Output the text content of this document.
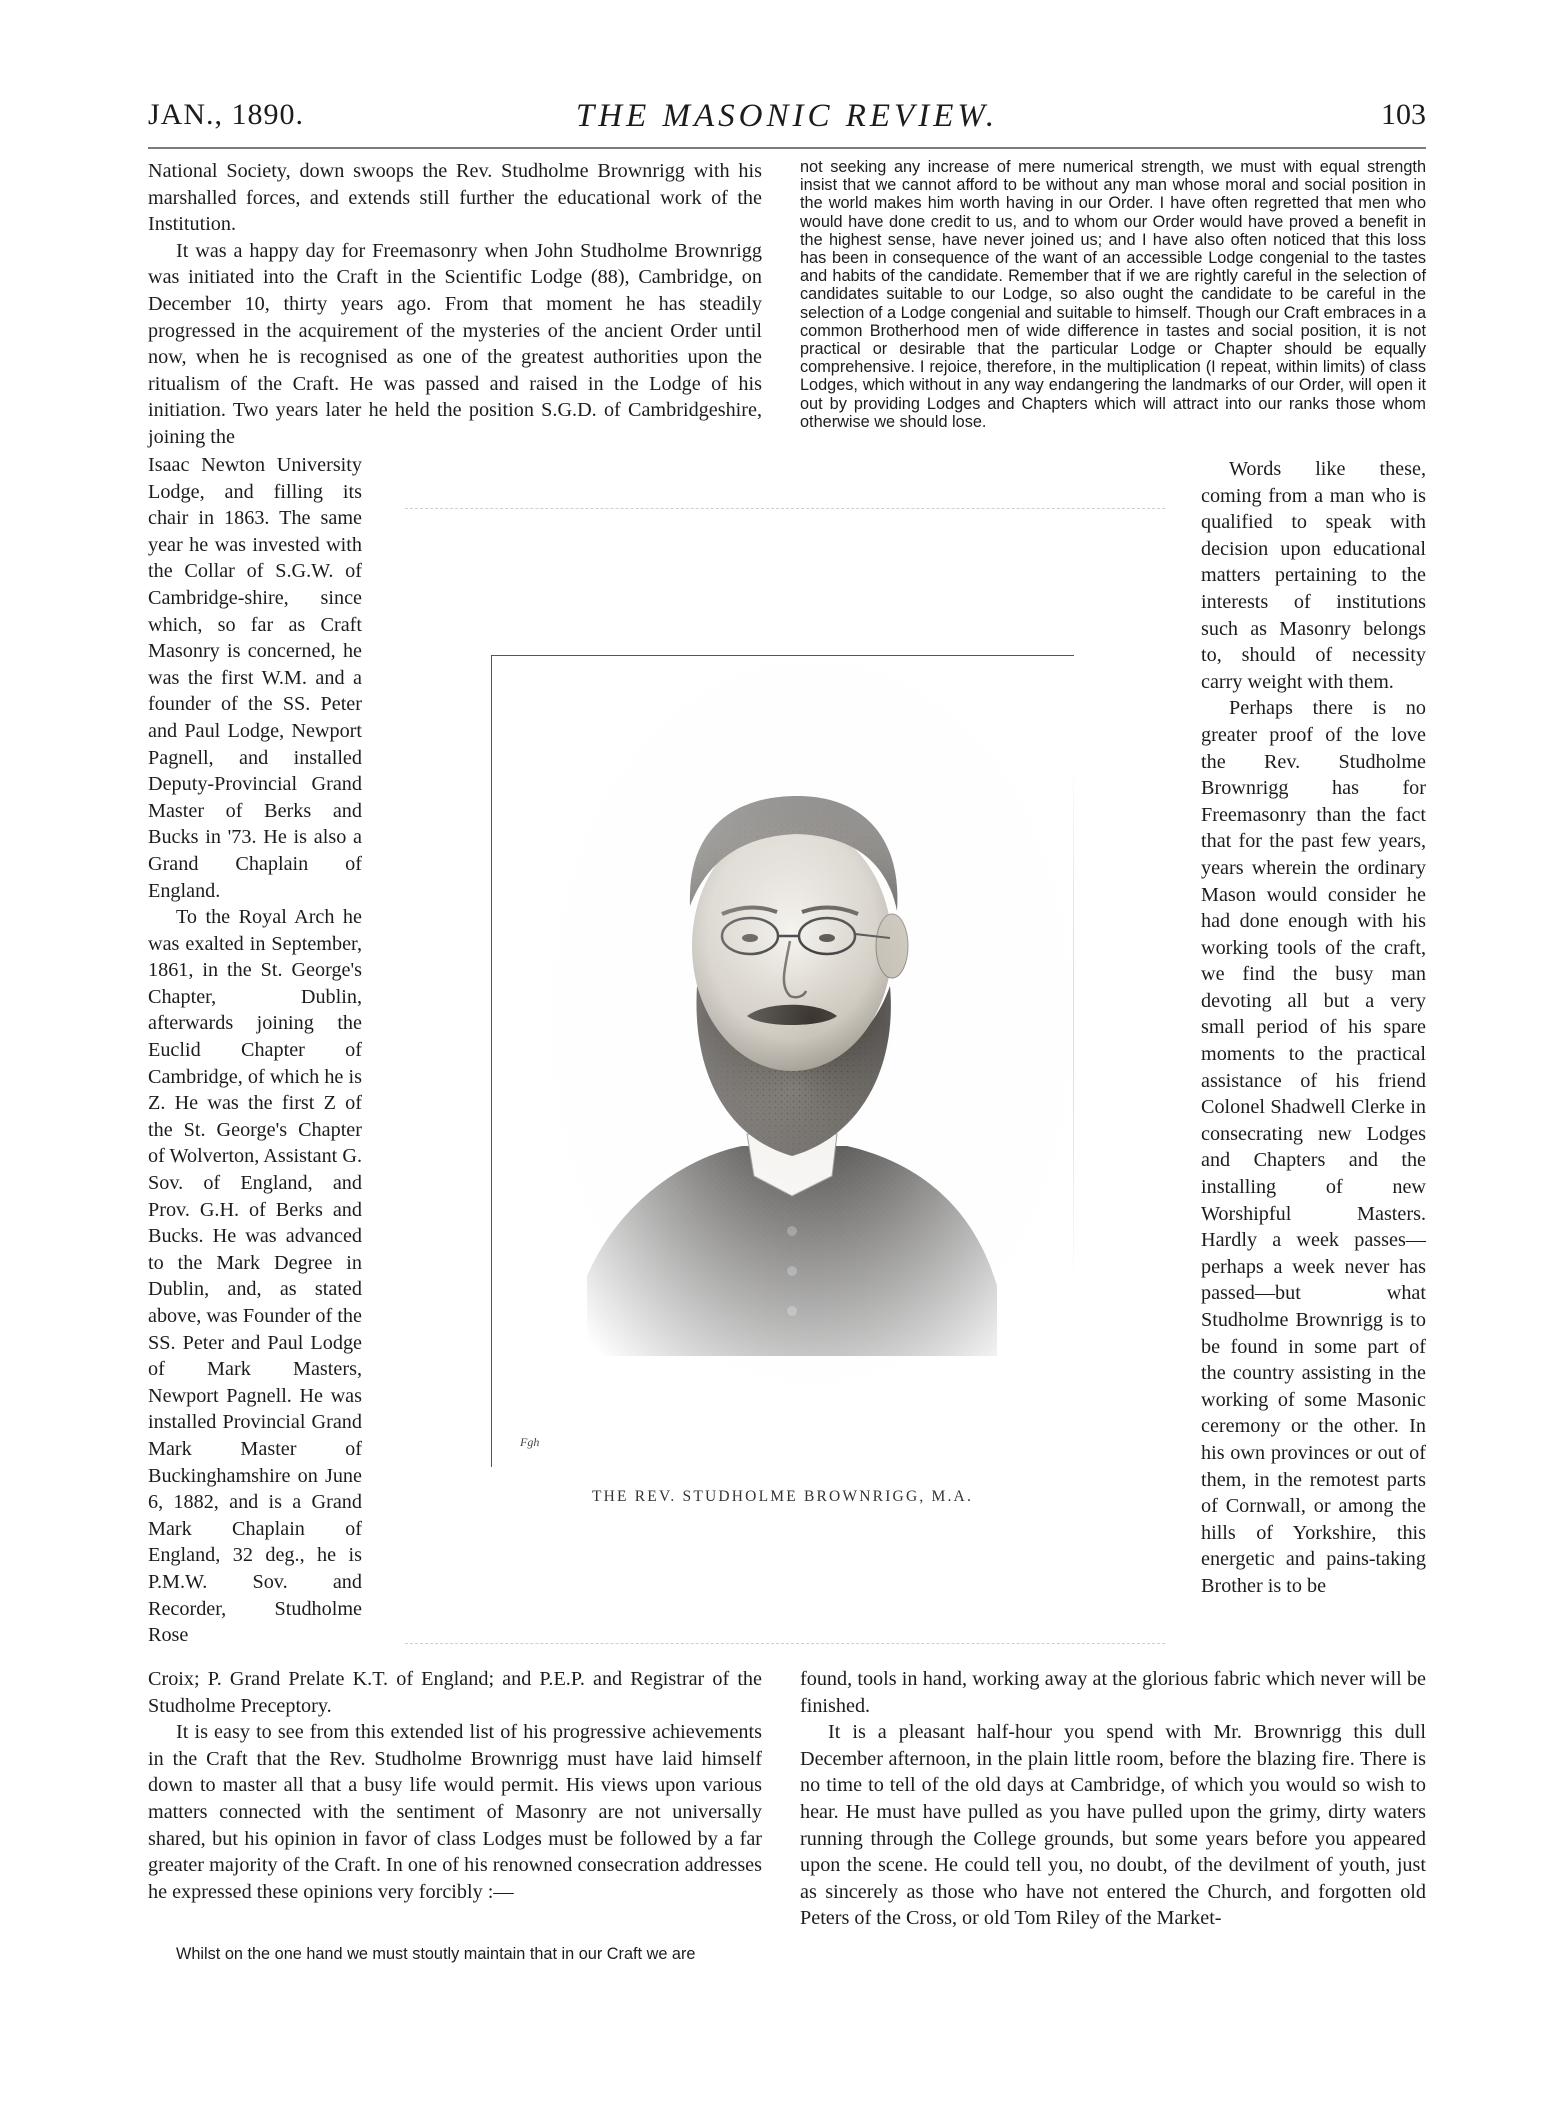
JAN., 1890.	THE MASONIC REVIEW.	103

National Society, down swoops the Rev. Studholme Brownrigg with his marshalled forces, and extends still further the educational work of the Institution.

It was a happy day for Freemasonry when John Studholme Brownrigg was initiated into the Craft in the Scientific Lodge (88), Cambridge, on December 10, thirty years ago. From that moment he has steadily progressed in the acquirement of the mysteries of the ancient Order until now, when he is recognised as one of the greatest authorities upon the ritualism of the Craft. He was passed and raised in the Lodge of his initiation. Two years later he held the position S.G.D. of Cambridgeshire, joining the

Isaac Newton University Lodge, and filling its chair in 1863. The same year he was invested with the Collar of S.G.W. of Cambridge-shire, since which, so far as Craft Masonry is concerned, he was the first W.M. and a founder of the SS. Peter and Paul Lodge, Newport Pagnell, and installed Deputy-Provincial Grand Master of Berks and Bucks in '73. He is also a Grand Chaplain of England.

To the Royal Arch he was exalted in September, 1861, in the St. George's Chapter, Dublin, afterwards joining the Euclid Chapter of Cambridge, of which he is Z. He was the first Z of the St. George's Chapter of Wolverton, Assistant G. Sov. of England, and Prov. G.H. of Berks and Bucks. He was advanced to the Mark Degree in Dublin, and, as stated above, was Founder of the SS. Peter and Paul Lodge of Mark Masters, Newport Pagnell. He was installed Provincial Grand Mark Master of Buckinghamshire on June 6, 1882, and is a Grand Mark Chaplain of England, 32 deg., he is P.M.W. Sov. and Recorder, Studholme Rose

Croix; P. Grand Prelate K.T. of England; and P.E.P. and Registrar of the Studholme Preceptory.

It is easy to see from this extended list of his progressive achievements in the Craft that the Rev. Studholme Brownrigg must have laid himself down to master all that a busy life would permit. His views upon various matters connected with the sentiment of Masonry are not universally shared, but his opinion in favor of class Lodges must be followed by a far greater majority of the Craft. In one of his renowned consecration addresses he expressed these opinions very forcibly :—

Whilst on the one hand we must stoutly maintain that in our Craft we are

not seeking any increase of mere numerical strength, we must with equal strength insist that we cannot afford to be without any man whose moral and social position in the world makes him worth having in our Order. I have often regretted that men who would have done credit to us, and to whom our Order would have proved a benefit in the highest sense, have never joined us; and I have also often noticed that this loss has been in consequence of the want of an accessible Lodge congenial to the tastes and habits of the candidate. Remember that if we are rightly careful in the selection of candidates suitable to our Lodge, so also ought the candidate to be careful in the selection of a Lodge congenial and suitable to himself. Though our Craft embraces in a common Brotherhood men of wide difference in tastes and social position, it is not practical or desirable that the particular Lodge or Chapter should be equally comprehensive. I rejoice, therefore, in the multiplication (I repeat, within limits) of class Lodges, which without in any way endangering the landmarks of our Order, will open it out by providing Lodges and Chapters which will attract into our ranks those whom otherwise we should lose.

Words like these, coming from a man who is qualified to speak with decision upon educational matters pertaining to the interests of institutions such as Masonry belongs to, should of necessity carry weight with them.

Perhaps there is no greater proof of the love the Rev. Studholme Brownrigg has for Freemasonry than the fact that for the past few years, years wherein the ordinary Mason would consider he had done enough with his working tools of the craft, we find the busy man devoting all but a very small period of his spare moments to the practical assistance of his friend Colonel Shadwell Clerke in consecrating new Lodges and Chapters and the installing of new Worshipful Masters. Hardly a week passes—perhaps a week never has passed—but what Studholme Brownrigg is to be found in some part of the country assisting in the working of some Masonic ceremony or the other. In his own provinces or out of them, in the remotest parts of Cornwall, or among the hills of Yorkshire, this energetic and pains-taking Brother is to be

found, tools in hand, working away at the glorious fabric which never will be finished.

It is a pleasant half-hour you spend with Mr. Brownrigg this dull December afternoon, in the plain little room, before the blazing fire. There is no time to tell of the old days at Cambridge, of which you would so wish to hear. He must have pulled as you have pulled upon the grimy, dirty waters running through the College grounds, but some years before you appeared upon the scene. He could tell you, no doubt, of the devilment of youth, just as sincerely as those who have not entered the Church, and forgotten old Peters of the Cross, or old Tom Riley of the Market-

Fgh
THE REV. STUDHOLME BROWNRIGG, M.A.
